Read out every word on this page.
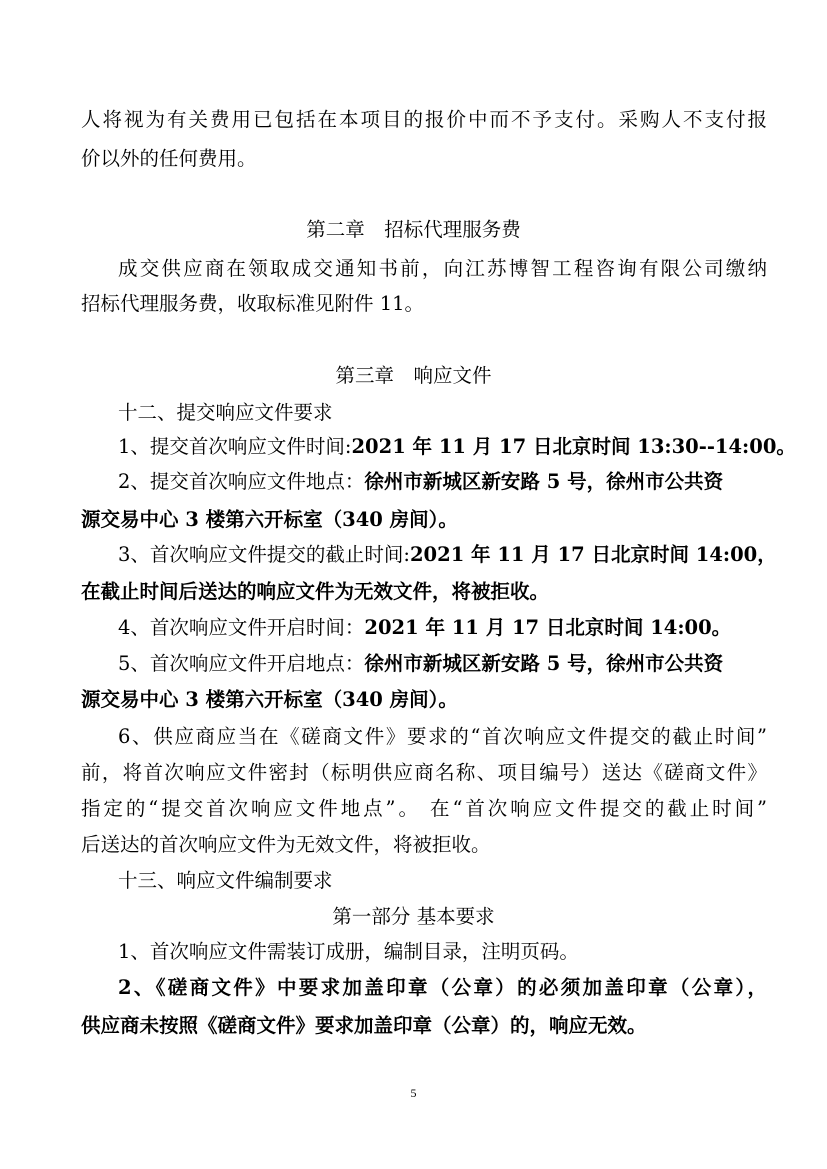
人将视为有关费用已包括在本项目的报价中而不予支付。采购人不支付报
价以外的任何费用。
第二章　招标代理服务费
成交供应商在领取成交通知书前，向江苏博智工程咨询有限公司缴纳
招标代理服务费，收取标准见附件 11。
第三章　响应文件
十二、提交响应文件要求
1、提交首次响应文件时间:2021 年 11 月 17 日北京时间 13:30--14:00。
2、提交首次响应文件地点：徐州市新城区新安路 5 号，徐州市公共资
源交易中心 3 楼第六开标室（340 房间）。
3、首次响应文件提交的截止时间:2021 年 11 月 17 日北京时间 14:00，
在截止时间后送达的响应文件为无效文件，将被拒收。
4、首次响应文件开启时间：2021 年 11 月 17 日北京时间 14:00。
5、首次响应文件开启地点：徐州市新城区新安路 5 号，徐州市公共资
源交易中心 3 楼第六开标室（340 房间）。
6、供应商应当在《磋商文件》要求的“首次响应文件提交的截止时间”
前，将首次响应文件密封（标明供应商名称、项目编号）送达《磋商文件》
指定的“提交首次响应文件地点”。 在“首次响应文件提交的截止时间”
后送达的首次响应文件为无效文件，将被拒收。
十三、响应文件编制要求
第一部分 基本要求
1、首次响应文件需装订成册，编制目录，注明页码。
2、《磋商文件》中要求加盖印章（公章）的必须加盖印章（公章），
供应商未按照《磋商文件》要求加盖印章（公章）的，响应无效。
5
